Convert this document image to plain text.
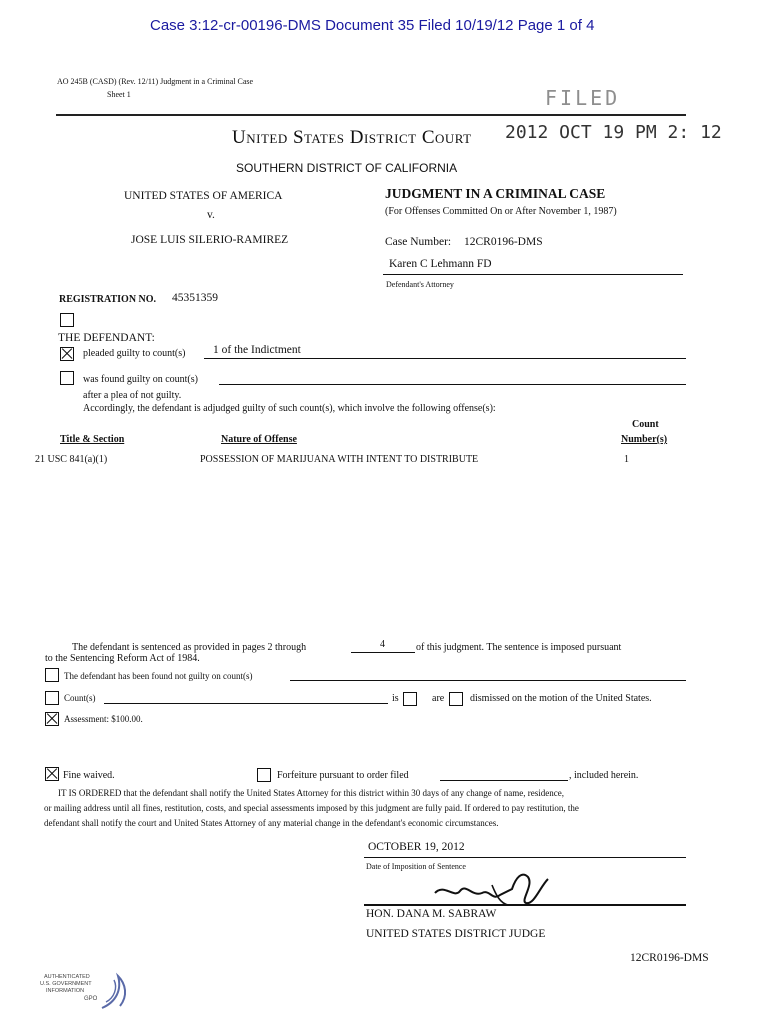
Case 3:12-cr-00196-DMS Document 35 Filed 10/19/12 Page 1 of 4
AO 245B (CASD) (Rev. 12/11) Judgment in a Criminal Case
Sheet 1	FILED
United States District Court 2012 OCT 19 PM 2: 12
SOUTHERN DISTRICT OF CALIFORNIA
UNITED STATES OF AMERICA
v.
JOSE LUIS SILERIO-RAMIREZ
JUDGMENT IN A CRIMINAL CASE
(For Offenses Committed On or After November 1, 1987)
Case Number: 12CR0196-DMS
Karen C Lehmann FD
Defendant's Attorney
REGISTRATION NO. 45351359
THE DEFENDANT:
pleaded guilty to count(s) 1 of the Indictment
was found guilty on count(s)
after a plea of not guilty.
Accordingly, the defendant is adjudged guilty of such count(s), which involve the following offense(s):
Count
Title & Section	Nature of Offense	Number(s)
21 USC 841(a)(1)	POSSESSION OF MARIJUANA WITH INTENT TO DISTRIBUTE	1
The defendant is sentenced as provided in pages 2 through	4	of this judgment. The sentence is imposed pursuant
to the Sentencing Reform Act of 1984.
The defendant has been found not guilty on count(s)
Count(s)	is	are	dismissed on the motion of the United States.
Assessment: $100.00.
Fine waived.	Forfeiture pursuant to order filed	, included herein.
IT IS ORDERED that the defendant shall notify the United States Attorney for this district within 30 days of any change of name, residence,
or mailing address until all fines, restitution, costs, and special assessments imposed by this judgment are fully paid. If ordered to pay restitution, the
defendant shall notify the court and United States Attorney of any material change in the defendant's economic circumstances.
OCTOBER 19, 2012
Date of Imposition of Sentence
HON. DANA M. SABRAW
UNITED STATES DISTRICT JUDGE
12CR0196-DMS
AUTHENTICATED
U.S. GOVERNMENT
INFORMATION
GPO
